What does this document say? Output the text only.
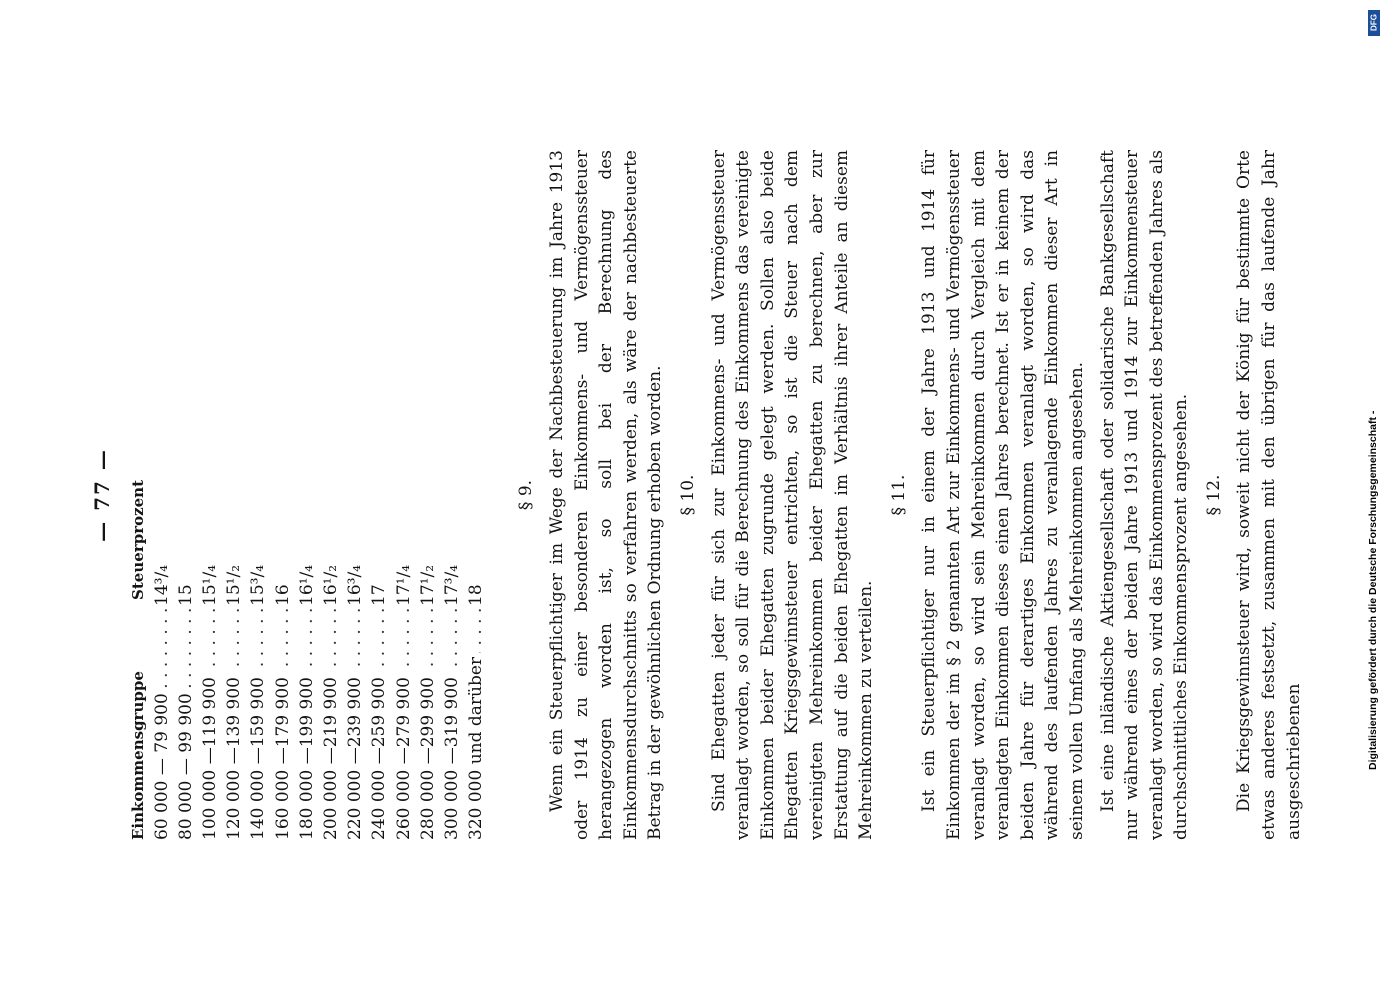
— 77 —
Einkommensgruppe	Steuerprozent
60 000 — 79 900 . . .	14³/₄
80 000 — 99 900 . . .	15
100 000 —119 900 . . .	15¹/₄
120 000 —139 900 . . .	15¹/₂
140 000 —159 900 . . .	15³/₄
160 000 —179 900 . . .	16
180 000 —199 900 . . .	16¹/₄
200 000 —219 900 . . .	16¹/₂
220 000 —239 900 . . .	16³/₄
240 000 —259 900 . . .	17
260 000 —279 900 . . .	17¹/₄
280 000 —299 900 . . .	17¹/₂
300 000 —319 900 . . .	17³/₄
320 000 und darüber . . .	18
§ 9. Wenn ein Steuerpflichtiger im Wege der Nachbesteuerung im Jahre 1913 oder 1914 zu einer besonderen Einkommens- und Vermögenssteuer herangezogen worden ist, so soll bei der Berechnung des Einkommensdurchschnitts so verfahren werden, als wäre der nachbesteuerte Betrag in der gewöhnlichen Ordnung erhoben worden. § 10. Sind Ehegatten jeder für sich zur Einkommens- und Vermögenssteuer veranlagt worden, so soll für die Berechnung des Einkommens das vereinigte Einkommen beider Ehegatten zugrunde gelegt werden. Sollen also beide Ehegatten Kriegsgewinnsteuer entrichten, so ist die Steuer nach dem vereinigten Mehreinkommen beider Ehegatten zu berechnen, aber zur Erstattung auf die beiden Ehegatten im Verhältnis ihrer Anteile an diesem Mehreinkommen zu verteilen.

§ 11. Ist ein Steuerpflichtiger nur in einem der Jahre 1913 und 1914 für Einkommen der im § 2 genannten Art zur Einkommens- und Vermögenssteuer veranlagt worden, so wird sein Mehreinkommen durch Vergleich mit dem veranlagten Einkommen dieses einen Jahres berechnet. Ist er in keinem der beiden Jahre für derartiges Einkommen veranlagt worden, so wird das während des laufenden Jahres zu veranlagende Einkommen dieser Art in seinem vollen Umfang als Mehreinkommen angesehen. Ist eine inländische Aktiengesellschaft oder solidarische Bankgesellschaft nur während eines der beiden Jahre 1913 und 1914 zur Einkommensteuer veranlagt worden, so wird das Einkommensprozent des betreffenden Jahres als durchschnittliches Einkommensprozent angesehen. § 12. Die Kriegsgewinnsteuer wird, soweit nicht der König für bestimmte Orte etwas anderes festsetzt, zusammen mit den übrigen für das laufende Jahr ausgeschriebenen

DFG
Digitalisierung gefördert durch die Deutsche Forschungsgemeinschaft -
